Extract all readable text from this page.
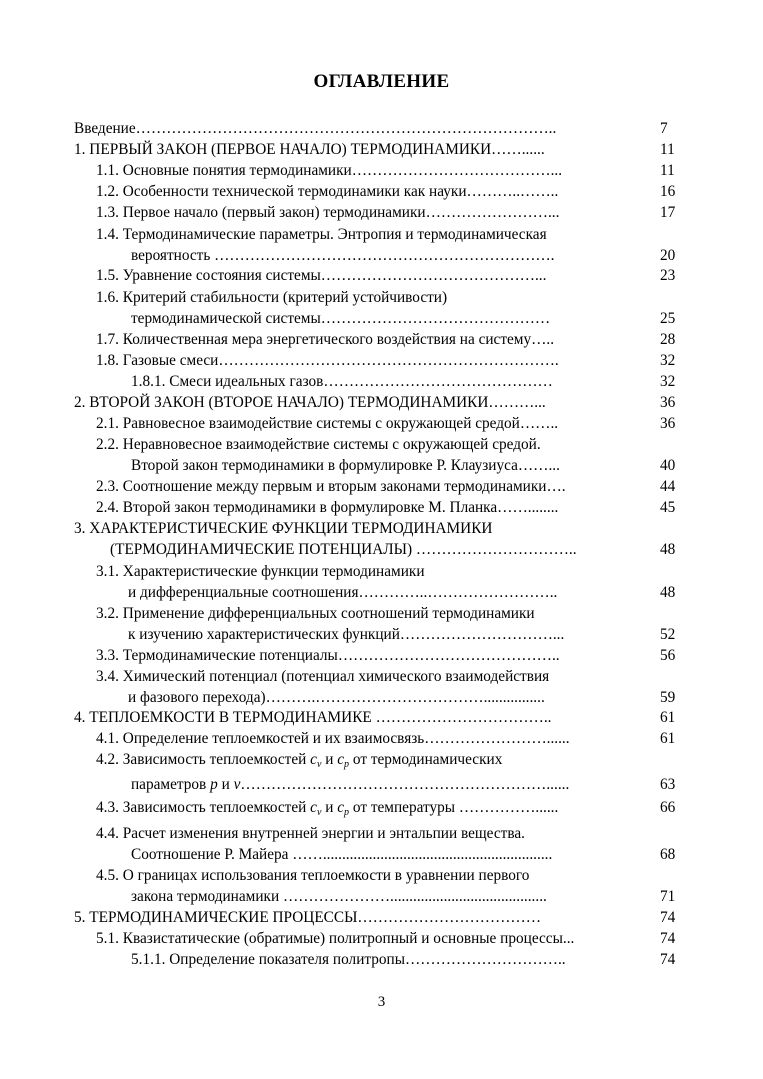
ОГЛАВЛЕНИЕ
Введение………………………………………………………………………..	7
1. ПЕРВЫЙ ЗАКОН (ПЕРВОЕ НАЧАЛО) ТЕРМОДИНАМИКИ……......	11
1.1. Основные понятия термодинамики…………………………………...	11
1.2. Особенности технической термодинамики как науки………..……..	16
1.3. Первое начало (первый закон) термодинамики……………………...	17
1.4. Термодинамические параметры. Энтропия и термодинамическая
вероятность ………………………………………………………….	20
1.5. Уравнение состояния системы……………………………………...	23
1.6. Критерий стабильности (критерий устойчивости)
термодинамической системы………………………………………	25
1.7. Количественная мера энергетического воздействия на систему…..	28
1.8. Газовые смеси………………………………………………………….	32
1.8.1. Смеси идеальных газов………………………………………	32
2. ВТОРОЙ ЗАКОН (ВТОРОЕ НАЧАЛО) ТЕРМОДИНАМИКИ………...	36
2.1. Равновесное взаимодействие системы с окружающей средой……..	36
2.2. Неравновесное взаимодействие системы с окружающей средой.
Второй закон термодинамики в формулировке Р. Клаузиуса……...	40
2.3. Соотношение между первым и вторым законами термодинамики….	44
2.4. Второй закон термодинамики в формулировке М. Планка……........	45
3. ХАРАКТЕРИСТИЧЕСКИЕ ФУНКЦИИ ТЕРМОДИНАМИКИ
(ТЕРМОДИНАМИЧЕСКИЕ ПОТЕНЦИАЛЫ) …………………………..	48
3.1. Характеристические функции термодинамики
и дифференциальные соотношения…………..……………………..	48
3.2. Применение дифференциальных соотношений термодинамики
к изучению характеристических функций…………………………...	52
3.3. Термодинамические потенциалы……………………………………..	56
3.4. Химический потенциал (потенциал химического взаимодействия
и фазового перехода)……….……………………………................	59
4. ТЕПЛОЕМКОСТИ В ТЕРМОДИНАМИКЕ ……………………………..	61
4.1. Определение теплоемкостей и их взаимосвязь……………………......	61
4.2. Зависимость теплоемкостей $c_v$ и $c_p$ от термодинамических
параметров p и v……………………………………………………......	63
4.3. Зависимость теплоемкостей $c_v$ и $c_p$ от температуры ……………......	66
4.4. Расчет изменения внутренней энергии и энтальпии вещества.
Соотношение Р. Майера ……............................................................	68
4.5. О границах использования теплоемкости в уравнении первого
закона термодинамики ………………….........................................	71
5. ТЕРМОДИНАМИЧЕСКИЕ ПРОЦЕССЫ………………………………	74
5.1. Квазистатические (обратимые) политропный и основные процессы...	74
5.1.1. Определение показателя политропы…………………………..	74
3
